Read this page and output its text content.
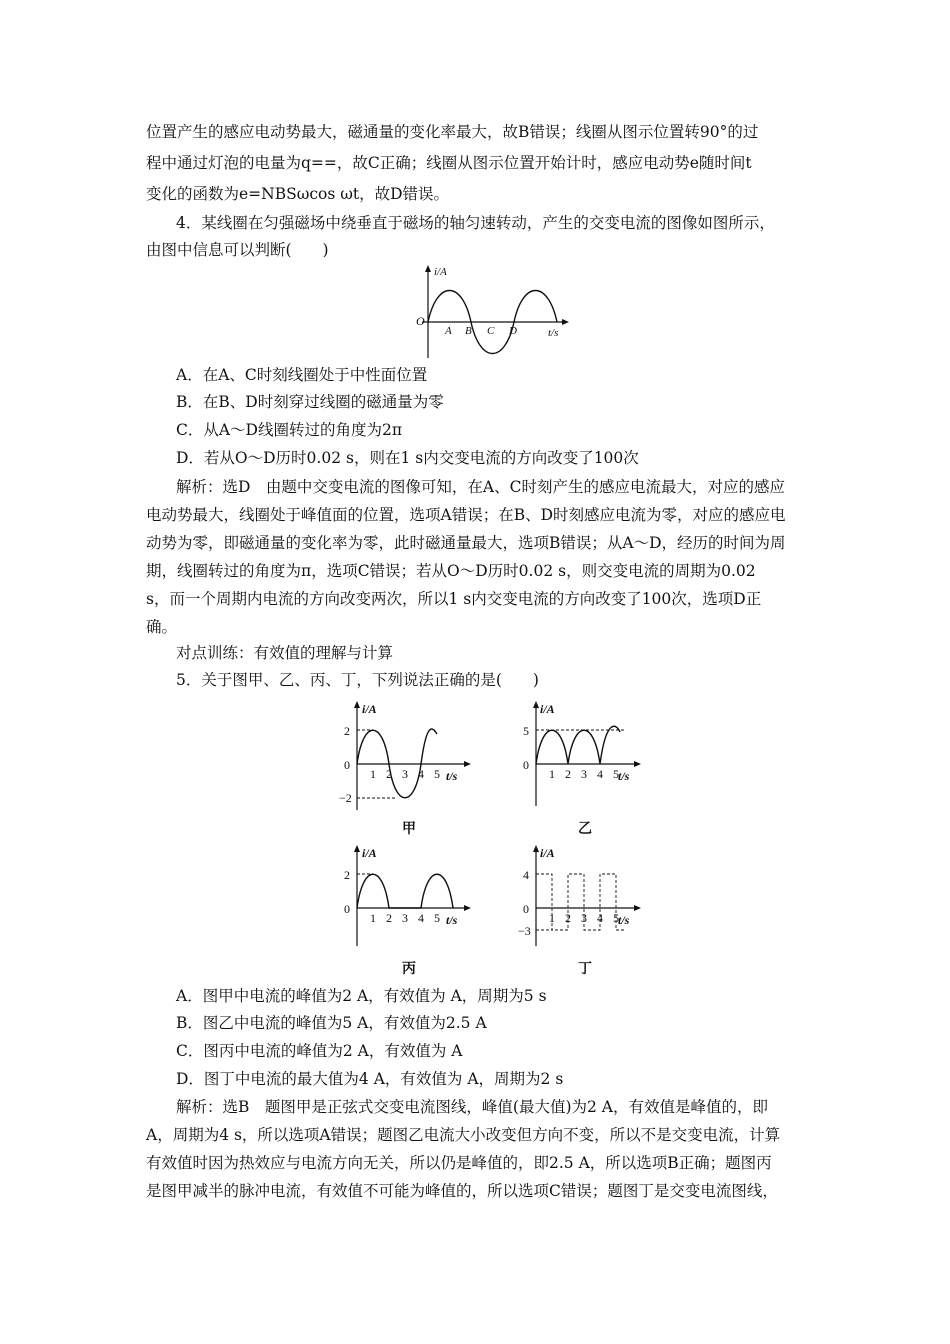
位置产生的感应电动势最大，磁通量的变化率最大，故B错误；线圈从图示位置转90°的过
程中通过灯泡的电量为q==，故C正确；线圈从图示位置开始计时，感应电动势e随时间t
变化的函数为e=NBSωcos ωt，故D错误。
4．某线圈在匀强磁场中绕垂直于磁场的轴匀速转动，产生的交变电流的图像如图所示，
由图中信息可以判断(　　)
i/A
O
A B C D	t/s
A．在A、C时刻线圈处于中性面位置
B．在B、D时刻穿过线圈的磁通量为零
C．从A～D线圈转过的角度为2π
D．若从O～D历时0.02 s，则在1 s内交变电流的方向改变了100次
解析：选D　由题中交变电流的图像可知，在A、C时刻产生的感应电流最大，对应的感应
电动势最大，线圈处于峰值面的位置，选项A错误；在B、D时刻感应电流为零，对应的感应电
动势为零，即磁通量的变化率为零，此时磁通量最大，选项B错误；从A～D，经历的时间为周
期，线圈转过的角度为π，选项C错误；若从O～D历时0.02 s，则交变电流的周期为0.02
s，而一个周期内电流的方向改变两次，所以1 s内交变电流的方向改变了100次，选项D正
确。
对点训练：有效值的理解与计算
5．关于图甲、乙、丙、丁，下列说法正确的是(　　)
2
0
−2
1 2 3 4 5
i/A
t/s
甲
5
0
1 2 3 4 5
i/A
t/s
乙
2
0
1 2 3 4 5
i/A
t/s
丙
4
0
−3
1 2 3 4 5
i/A
t/s
丁
A．图甲中电流的峰值为2 A，有效值为 A，周期为5 s
B．图乙中电流的峰值为5 A，有效值为2.5 A
C．图丙中电流的峰值为2 A，有效值为 A
D．图丁中电流的最大值为4 A，有效值为 A，周期为2 s
解析：选B　题图甲是正弦式交变电流图线，峰值(最大值)为2 A，有效值是峰值的，即
A，周期为4 s，所以选项A错误；题图乙电流大小改变但方向不变，所以不是交变电流，计算
有效值时因为热效应与电流方向无关，所以仍是峰值的，即2.5 A，所以选项B正确；题图丙
是图甲减半的脉冲电流，有效值不可能为峰值的，所以选项C错误；题图丁是交变电流图线，
